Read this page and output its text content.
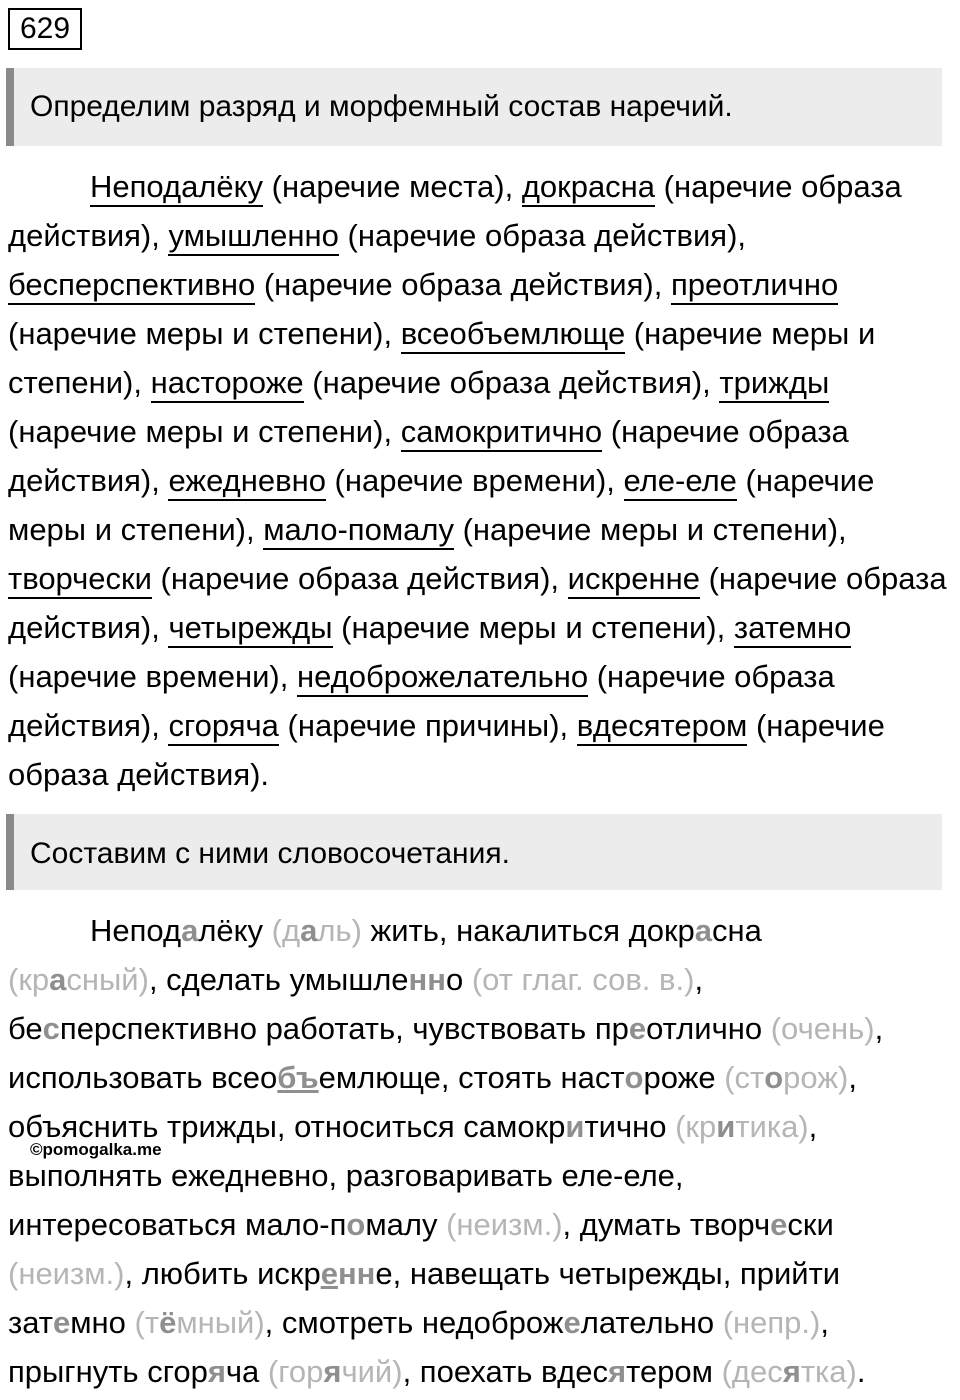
629
Определим разряд и морфемный состав наречий.
Неподалёку (наречие места), докрасна (наречие образа действия), умышленно (наречие образа действия), бесперспективно (наречие образа действия), преотлично (наречие меры и степени), всеобъемлюще (наречие меры и степени), настороже (наречие образа действия), трижды (наречие меры и степени), самокритично (наречие образа действия), ежедневно (наречие времени), еле-еле (наречие меры и степени), мало-помалу (наречие меры и степени), творчески (наречие образа действия), искренне (наречие образа действия), четырежды (наречие меры и степени), затемно (наречие времени), недоброжелательно (наречие образа действия), сгоряча (наречие причины), вдесятером (наречие образа действия).
Составим с ними словосочетания.
Неподалёку (даль) жить, накалиться докрасна
(красный), сделать умышленно (от глаг. сов. в.),
бесперспективно работать, чувствовать преотлично (очень),
использовать всеобъемлюще, стоять настороже (сторож),
объяснить трижды, относиться самокритично (критика),
выполнять ежедневно, разговаривать еле-еле,
интересоваться мало-помалу (неизм.), думать творчески
(неизм.), любить искренне, навещать четырежды, прийти
затемно (тёмный), смотреть недоброжелательно (непр.),
прыгнуть сгоряча (горячий), поехать вдесятером (десятка).
©pomogalka.me
